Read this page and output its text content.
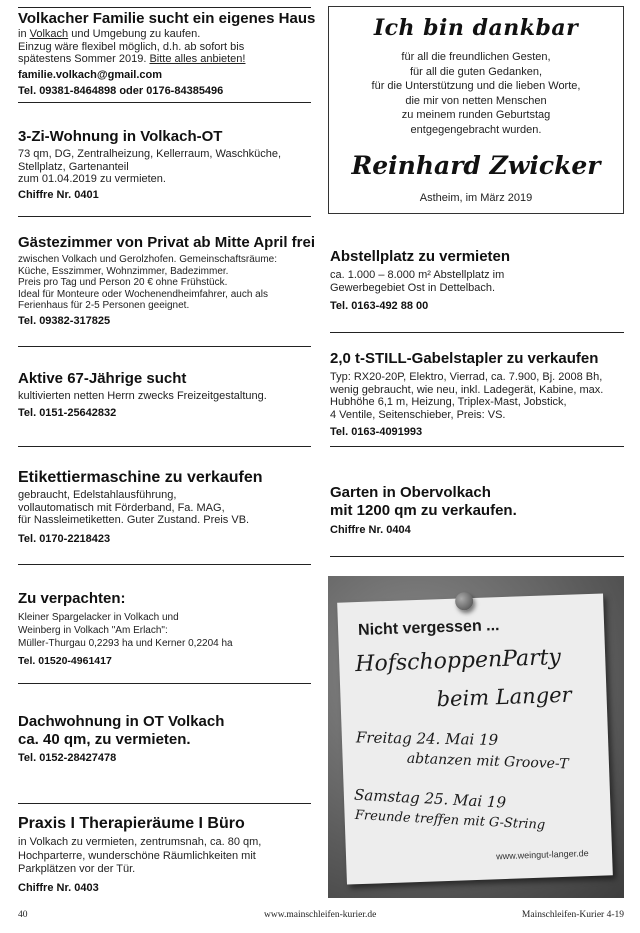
Volkacher Familie sucht ein eigenes Haus
in Volkach und Umgebung zu kaufen.
Einzug wäre flexibel möglich, d.h. ab sofort bis
spätestens Sommer 2019. Bitte alles anbieten!
familie.volkach@gmail.com
Tel. 09381-8464898 oder 0176-84385496
3-Zi-Wohnung in Volkach-OT
73 qm, DG, Zentralheizung, Kellerraum, Waschküche,
Stellplatz, Gartenanteil
zum 01.04.2019 zu vermieten.
Chiffre Nr. 0401
Gästezimmer von Privat ab Mitte April frei
zwischen Volkach und Gerolzhofen. Gemeinschaftsräume:
Küche, Esszimmer, Wohnzimmer, Badezimmer.
Preis pro Tag und Person 20 € ohne Frühstück.
Ideal für Monteure oder Wochenendheimfahrer, auch als
Ferienhaus für 2-5 Personen geeignet.
Tel. 09382-317825
Aktive 67-Jährige sucht
kultivierten netten Herrn zwecks Freizeitgestaltung.
Tel. 0151-25642832
Etikettiermaschine zu verkaufen
gebraucht, Edelstahlausführung,
vollautomatisch mit Förderband, Fa. MAG,
für Nassleimetiketten. Guter Zustand. Preis VB.
Tel. 0170-2218423
Zu verpachten:
Kleiner Spargelacker in Volkach und
Weinberg in Volkach "Am Erlach":
Müller-Thurgau 0,2293 ha und Kerner 0,2204 ha
Tel. 01520-4961417
Dachwohnung in OT Volkach
ca. 40 qm, zu vermieten.
Tel. 0152-28427478
Praxis I Therapieräume I Büro
in Volkach zu vermieten, zentrumsnah, ca. 80 qm,
Hochparterre, wunderschöne Räumlichkeiten mit
Parkplätzen vor der Tür.
Chiffre Nr. 0403
Ich bin dankbar
für all die freundlichen Gesten,
für all die guten Gedanken,
für die Unterstützung und die lieben Worte,
die mir von netten Menschen
zu meinem runden Geburtstag
entgegengebracht wurden.
Reinhard Zwicker
Astheim, im März 2019
Abstellplatz zu vermieten
ca. 1.000 – 8.000 m² Abstellplatz im
Gewerbegebiet Ost in Dettelbach.
Tel. 0163-492 88 00
2,0 t-STILL-Gabelstapler zu verkaufen
Typ: RX20-20P, Elektro, Vierrad, ca. 7.900, Bj. 2008 Bh,
wenig gebraucht, wie neu, inkl. Ladegerät, Kabine, max.
Hubhöhe 6,1 m, Heizung, Triplex-Mast, Jobstick,
4 Ventile, Seitenschieber, Preis: VS.
Tel. 0163-4091993
Garten in Obervolkach
mit 1200 qm zu verkaufen.
Chiffre Nr. 0404
Nicht vergessen ...
HofschoppenParty
beim Langer
Freitag 24. Mai 19
abtanzen mit Groove-T
Samstag 25. Mai 19
Freunde treffen mit G-String
www.weingut-langer.de
40	www.mainschleifen-kurier.de	Mainschleifen-Kurier 4-19
